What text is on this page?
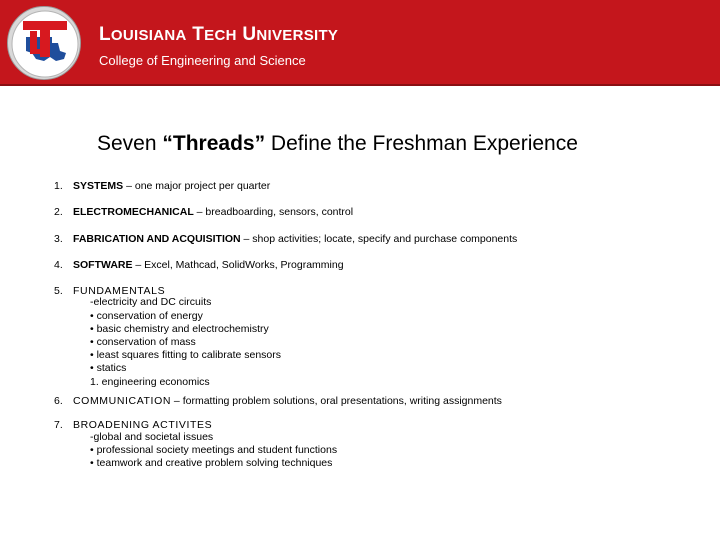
LOUISIANA TECH UNIVERSITY
College of Engineering and Science
Seven “Threads” Define the Freshman Experience
1. SYSTEMS – one major project per quarter
2. ELECTROMECHANICAL – breadboarding, sensors, control
3. FABRICATION AND ACQUISITION – shop activities; locate, specify and purchase components
4. SOFTWARE – Excel, Mathcad, SolidWorks, Programming
5. FUNDAMENTALS
-electricity and DC circuits
• conservation of energy
• basic chemistry and electrochemistry
• conservation of mass
• least squares fitting to calibrate sensors
• statics
1. engineering economics
6. COMMUNICATION – formatting problem solutions, oral presentations, writing assignments
7. BROADENING ACTIVITES
-global and societal issues
• professional society meetings and student functions
• teamwork and creative problem solving techniques
